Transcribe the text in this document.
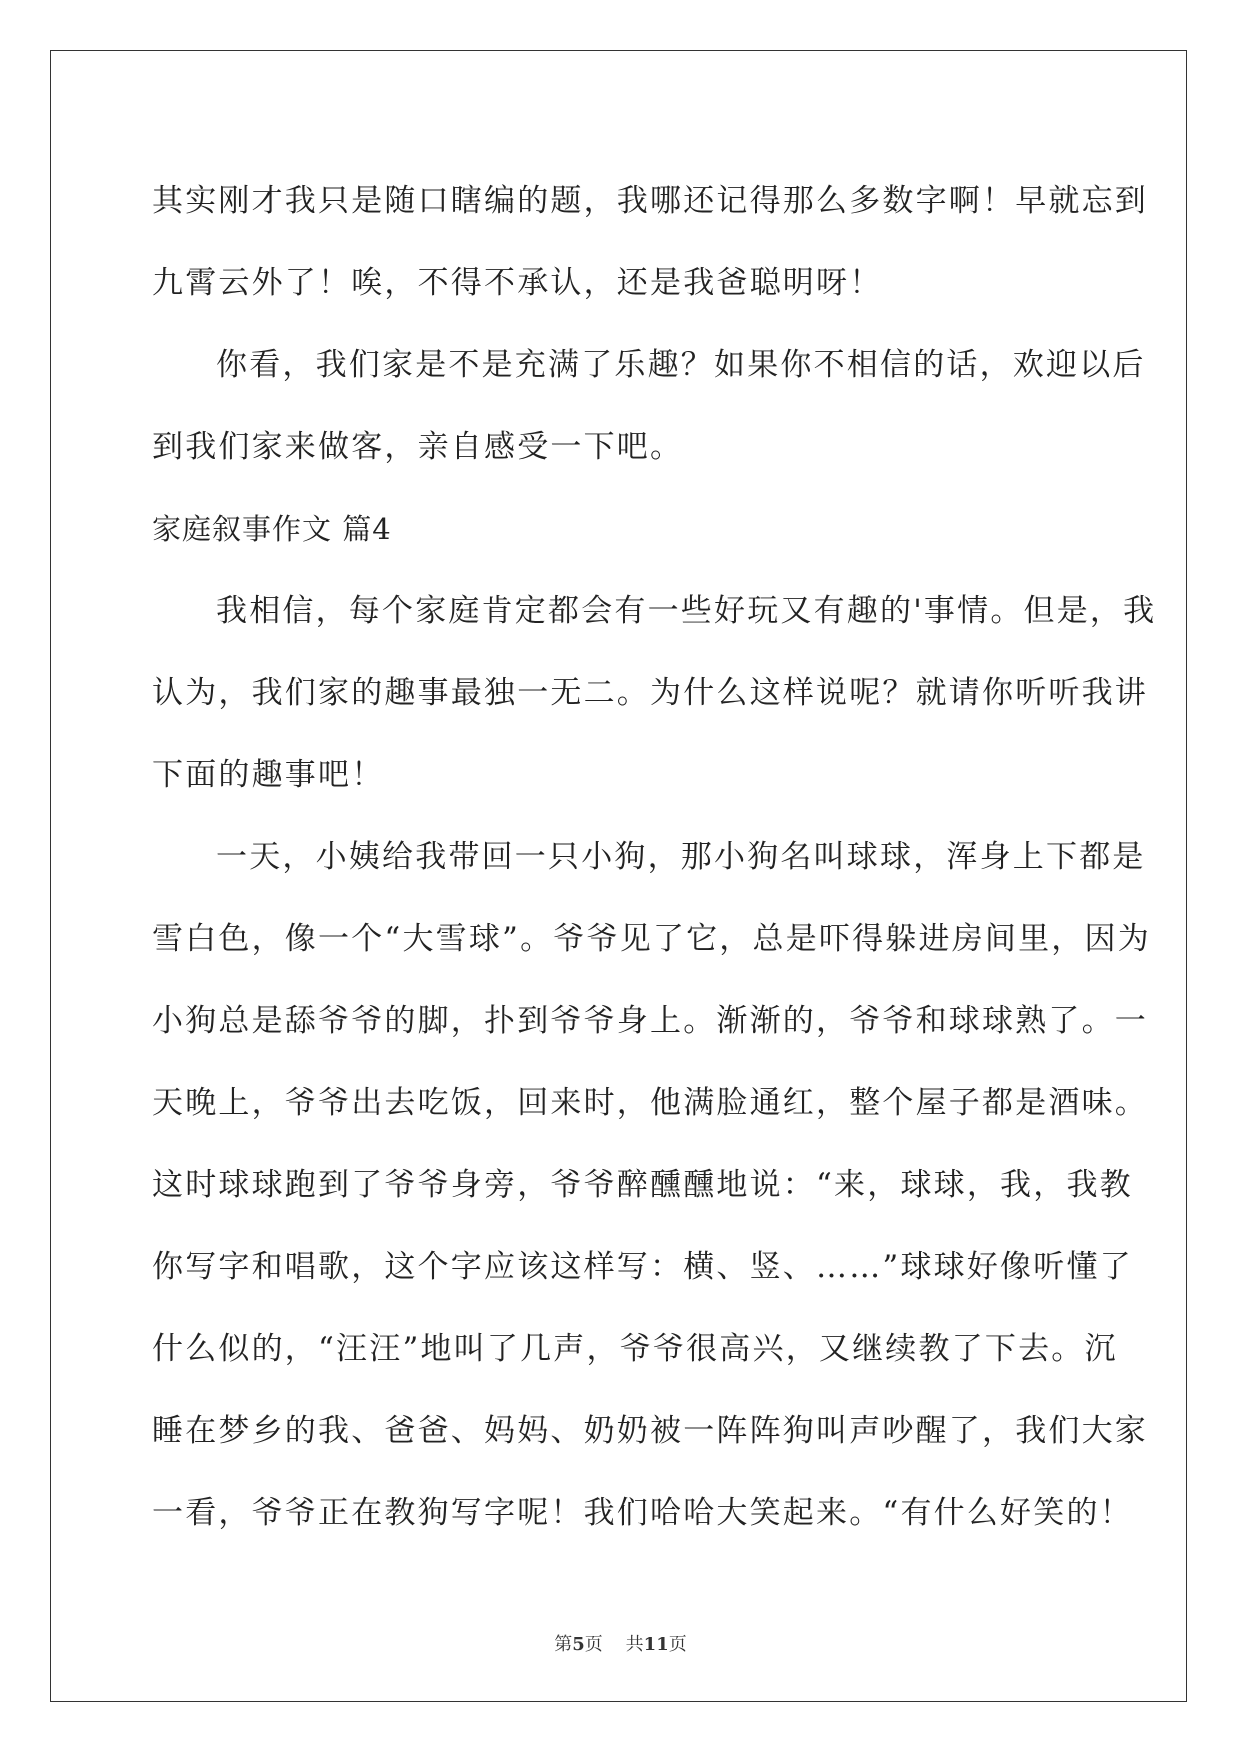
其实刚才我只是随口瞎编的题，我哪还记得那么多数字啊！早就忘到
九霄云外了！唉，不得不承认，还是我爸聪明呀！
你看，我们家是不是充满了乐趣？如果你不相信的话，欢迎以后
到我们家来做客，亲自感受一下吧。
家庭叙事作文 篇4
我相信，每个家庭肯定都会有一些好玩又有趣的'事情。但是，我
认为，我们家的趣事最独一无二。为什么这样说呢？就请你听听我讲
下面的趣事吧！
一天，小姨给我带回一只小狗，那小狗名叫球球，浑身上下都是
雪白色，像一个“大雪球”。爷爷见了它，总是吓得躲进房间里，因为
小狗总是舔爷爷的脚，扑到爷爷身上。渐渐的，爷爷和球球熟了。一
天晚上，爷爷出去吃饭，回来时，他满脸通红，整个屋子都是酒味。
这时球球跑到了爷爷身旁，爷爷醉醺醺地说：“来，球球，我，我教
你写字和唱歌，这个字应该这样写：横、竖、……”球球好像听懂了
什么似的，“汪汪”地叫了几声，爷爷很高兴，又继续教了下去。沉
睡在梦乡的我、爸爸、妈妈、奶奶被一阵阵狗叫声吵醒了，我们大家
一看，爷爷正在教狗写字呢！我们哈哈大笑起来。“有什么好笑的！
第5页 共11页
